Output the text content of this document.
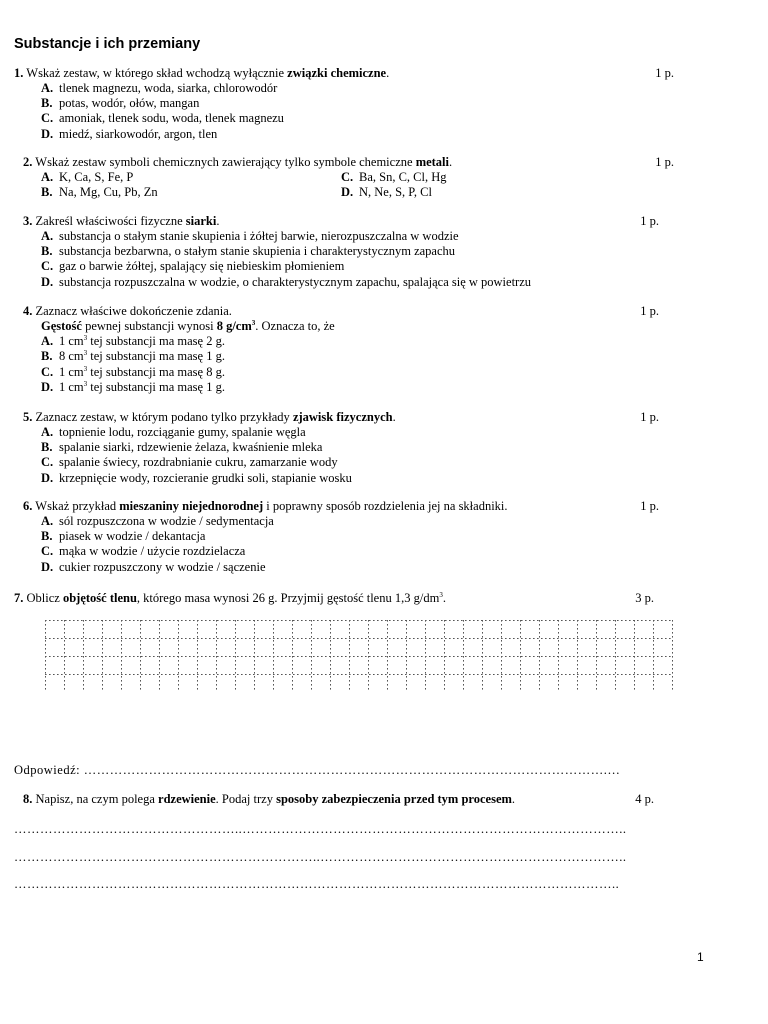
Substancje i ich przemiany
1. Wskaż zestaw, w którego skład wchodzą wyłącznie związki chemiczne.	1 p.
A. tlenek magnezu, woda, siarka, chlorowodór
B. potas, wodór, ołów, mangan
C. amoniak, tlenek sodu, woda, tlenek magnezu
D. miedź, siarkowodór, argon, tlen
2. Wskaż zestaw symboli chemicznych zawierający tylko symbole chemiczne metali.	1 p.
A. K, Ca, S, Fe, P	C. Ba, Sn, C, Cl, Hg
B. Na, Mg, Cu, Pb, Zn	D. N, Ne, S, P, Cl
3. Zakreśl właściwości fizyczne siarki.	1 p.
A. substancja o stałym stanie skupienia i żółtej barwie, nierozpuszczalna w wodzie
B. substancja bezbarwna, o stałym stanie skupienia i charakterystycznym zapachu
C. gaz o barwie żółtej, spalający się niebieskim płomieniem
D. substancja rozpuszczalna w wodzie, o charakterystycznym zapachu, spalająca się w powietrzu
4. Zaznacz właściwe dokończenie zdania.	1 p.
Gęstość pewnej substancji wynosi 8 $g/cm^3$. Oznacza to, że
A. 1 $cm^3$ tej substancji ma masę 2 g.
B. 8 $cm^3$ tej substancji ma masę 1 g.
C. 1 $cm^3$ tej substancji ma masę 8 g.
D. 1 $cm^3$ tej substancji ma masę 1 g.
5. Zaznacz zestaw, w którym podano tylko przykłady zjawisk fizycznych.	1 p.
A. topnienie lodu, rozciąganie gumy, spalanie węgla
B. spalanie siarki, rdzewienie żelaza, kwaśnienie mleka
C. spalanie świecy, rozdrabnianie cukru, zamarzanie wody
D. krzepnięcie wody, rozcieranie grudki soli, stapianie wosku
6. Wskaż przykład mieszaniny niejednorodnej i poprawny sposób rozdzielenia jej na składniki.	1 p.
A. sól rozpuszczona w wodzie / sedymentacja
B. piasek w wodzie / dekantacja
C. mąka w wodzie / użycie rozdzielacza
D. cukier rozpuszczony w wodzie / sączenie
7. Oblicz objętość tlenu, którego masa wynosi 26 g. Przyjmij gęstość tlenu 1,3 $g/dm^3$.	3 p.
Odpowiedź: ………………………………………………………………………………………………………….…
8. Napisz, na czym polega rdzewienie. Podaj trzy sposoby zabezpieczenia przed tym procesem.	4 p.
……………………………………………..……………………………………………………………………………..
……………………………………………………………..……………………………………………………………..
…………………………………………………………………………………………………………………………..
1
